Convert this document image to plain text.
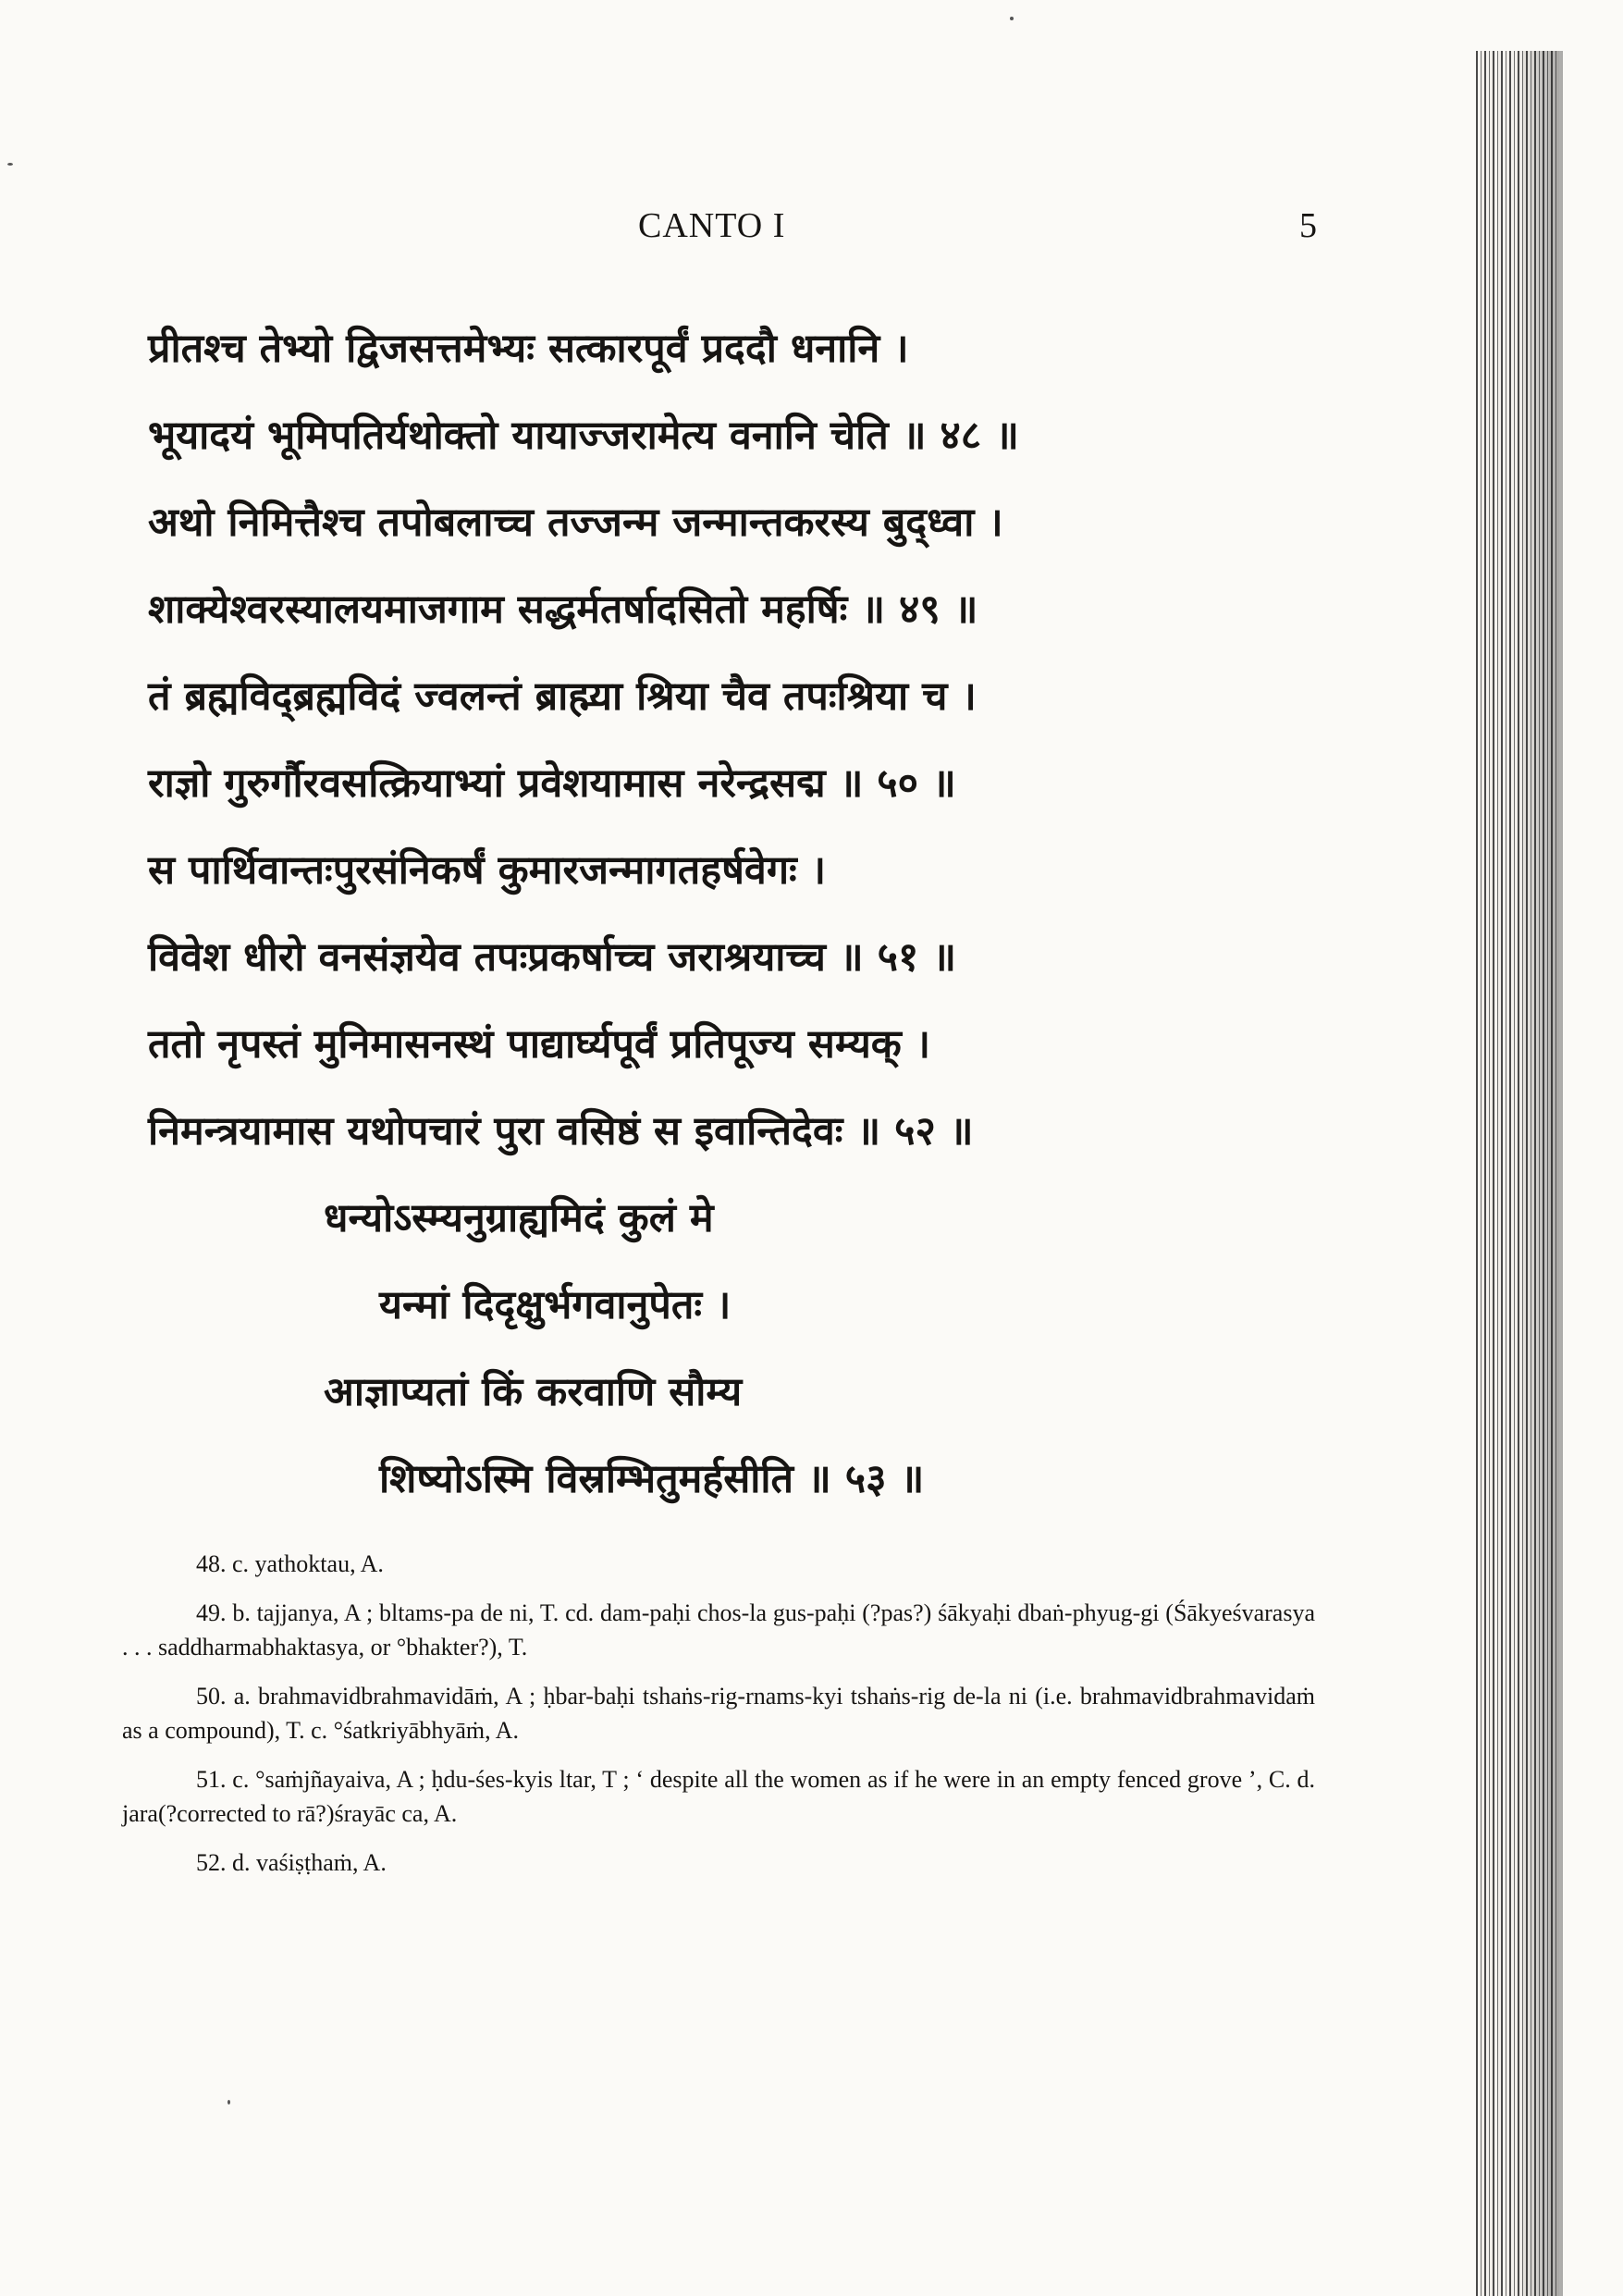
CANTO I	5
प्रीतश्च तेभ्यो द्विजसत्तमेभ्यः सत्कारपूर्वं प्रददौ धनानि ।
भूयादयं भूमिपतिर्यथोक्तो यायाज्जरामेत्य वनानि चेति ॥ ४८ ॥
अथो निमित्तैश्च तपोबलाच्च तज्जन्म जन्मान्तकरस्य बुद्ध्वा ।
शाक्येश्वरस्यालयमाजगाम सद्धर्मतर्षादसितो महर्षिः ॥ ४९ ॥
तं ब्रह्मविद्ब्रह्मविदं ज्वलन्तं ब्राह्म्या श्रिया चैव तपःश्रिया च ।
राज्ञो गुरुर्गौरवसत्क्रियाभ्यां प्रवेशयामास नरेन्द्रसद्म ॥ ५० ॥
स पार्थिवान्तःपुरसंनिकर्षं कुमारजन्मागतहर्षवेगः ।
विवेश धीरो वनसंज्ञयेव तपःप्रकर्षाच्च जराश्रयाच्च ॥ ५१ ॥
ततो नृपस्तं मुनिमासनस्थं पाद्यार्घ्यपूर्वं प्रतिपूज्य सम्यक् ।
निमन्त्रयामास यथोपचारं पुरा वसिष्ठं स इवान्तिदेवः ॥ ५२ ॥
धन्योऽस्म्यनुग्राह्यमिदं कुलं मे
यन्मां दिदृक्षुर्भगवानुपेतः ।
आज्ञाप्यतां किं करवाणि सौम्य
शिष्योऽस्मि विस्रम्भितुमर्हसीति ॥ ५३ ॥

48. c. yathoktau, A.

49. b. tajjanya, A ; bltams-pa de ni, T. cd. dam-paḥi chos-la gus-paḥi (?pas?) śākyaḥi dbaṅ-phyug-gi (Śākyeśvarasya . . . saddharmabhaktasya, or °bhakter?), T.

50. a. brahmavidbrahmavidāṁ, A ; ḥbar-baḥi tshaṅs-rig-rnams-kyi tshaṅs-rig de-la ni (i.e. brahmavidbrahmavidaṁ as a compound), T. c. °śatkriyābhyāṁ, A.

51. c. °saṁjñayaiva, A ; ḥdu-śes-kyis ltar, T ; ‘ despite all the women as if he were in an empty fenced grove ’, C. d. jara(?corrected to rā?)śrayāc ca, A.

52. d. vaśiṣṭhaṁ, A.
